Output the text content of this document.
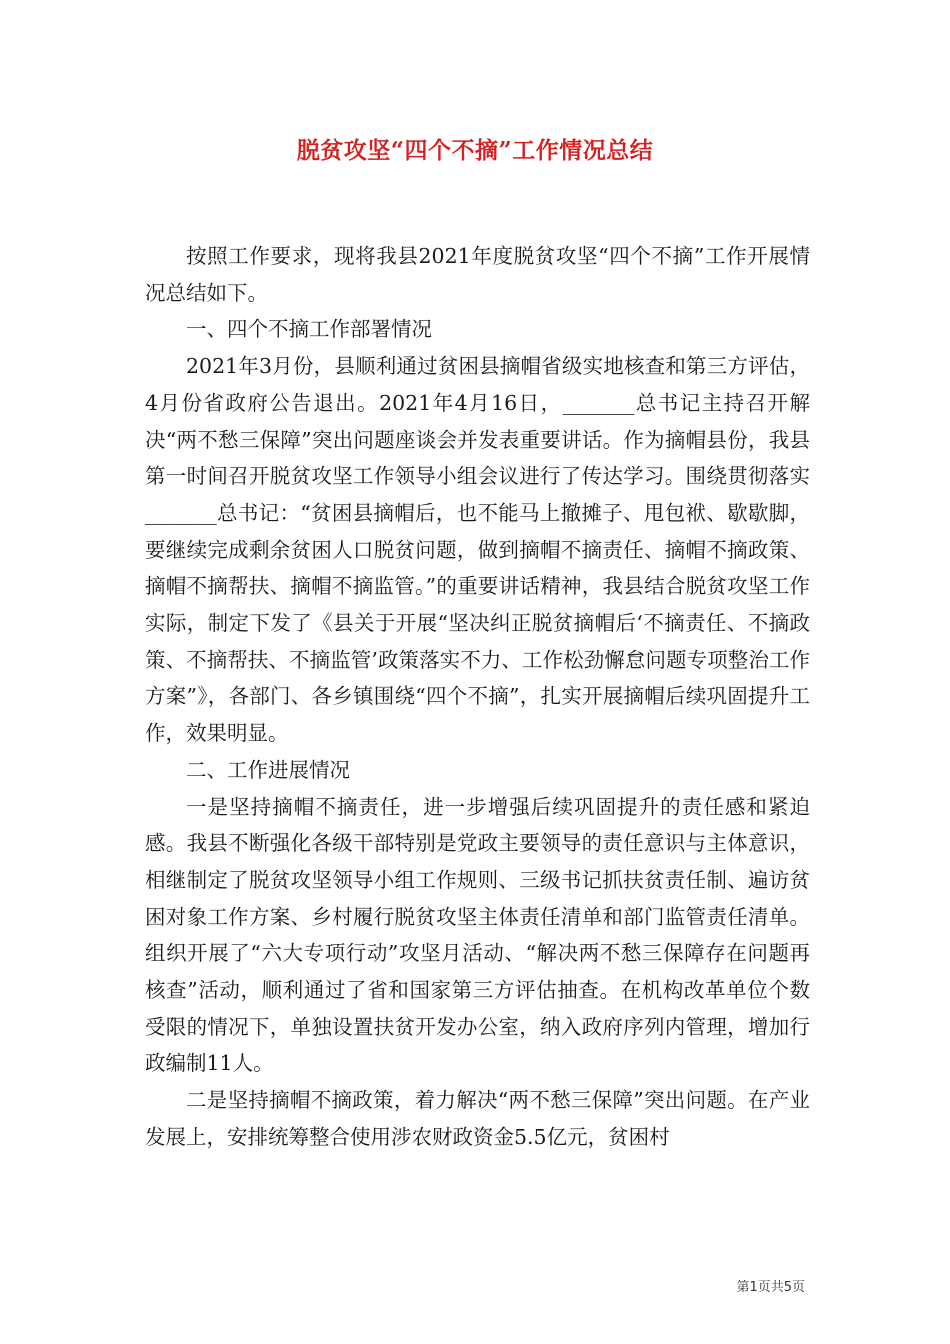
脱贫攻坚“四个不摘”工作情况总结

按照工作要求，现将我县2021年度脱贫攻坚“四个不摘”工作开展情况总结如下。

一、四个不摘工作部署情况

2021年3月份，县顺利通过贫困县摘帽省级实地核查和第三方评估，4月份省政府公告退出。2021年4月16日，_______总书记主持召开解决“两不愁三保障”突出问题座谈会并发表重要讲话。作为摘帽县份，我县第一时间召开脱贫攻坚工作领导小组会议进行了传达学习。围绕贯彻落实_______总书记：“贫困县摘帽后，也不能马上撤摊子、甩包袱、歇歇脚，要继续完成剩余贫困人口脱贫问题，做到摘帽不摘责任、摘帽不摘政策、摘帽不摘帮扶、摘帽不摘监管。”的重要讲话精神，我县结合脱贫攻坚工作实际，制定下发了《县关于开展“坚决纠正脱贫摘帽后‘不摘责任、不摘政策、不摘帮扶、不摘监管’政策落实不力、工作松劲懈怠问题专项整治工作方案”》，各部门、各乡镇围绕“四个不摘”，扎实开展摘帽后续巩固提升工作，效果明显。

二、工作进展情况

一是坚持摘帽不摘责任，进一步增强后续巩固提升的责任感和紧迫感。我县不断强化各级干部特别是党政主要领导的责任意识与主体意识，相继制定了脱贫攻坚领导小组工作规则、三级书记抓扶贫责任制、遍访贫困对象工作方案、乡村履行脱贫攻坚主体责任清单和部门监管责任清单。组织开展了“六大专项行动”攻坚月活动、“解决两不愁三保障存在问题再核查”活动，顺利通过了省和国家第三方评估抽查。在机构改革单位个数受限的情况下，单独设置扶贫开发办公室，纳入政府序列内管理，增加行政编制11人。

二是坚持摘帽不摘政策，着力解决“两不愁三保障”突出问题。在产业发展上，安排统筹整合使用涉农财政资金5.5亿元，贫困村

第1页共5页
